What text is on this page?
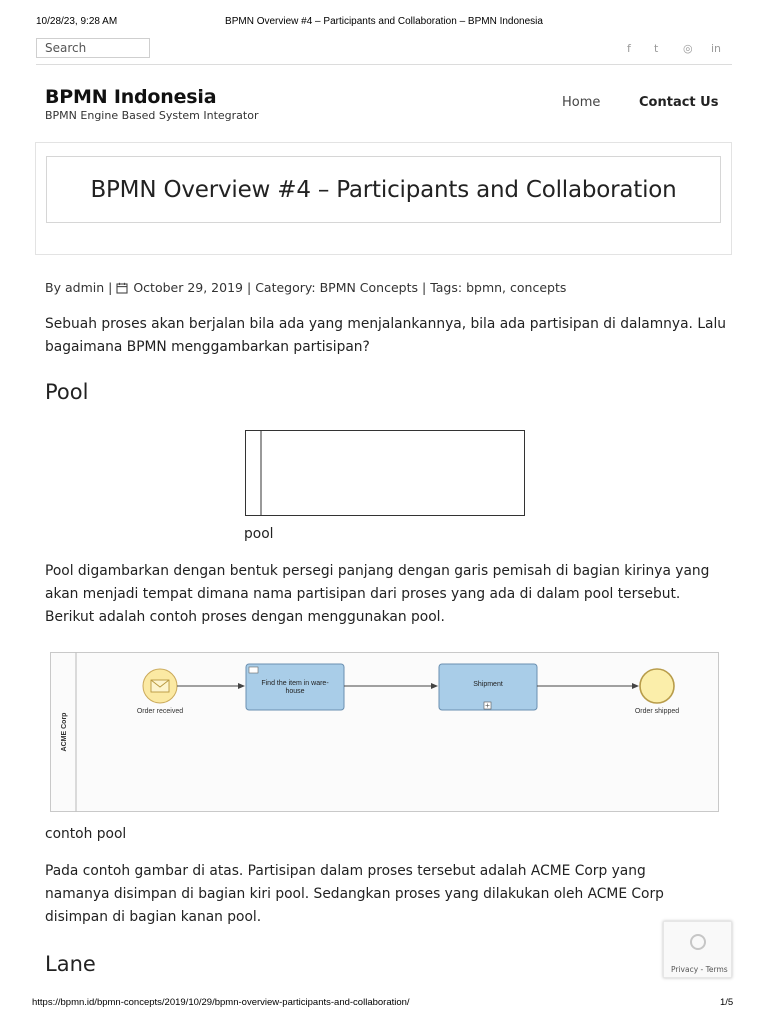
10/28/23, 9:28 AM	BPMN Overview #4 – Participants and Collaboration – BPMN Indonesia
Search	f t ◎ in
BPMN Indonesia
BPMN Engine Based System Integrator
Home	Contact Us
BPMN Overview #4 – Participants and Collaboration
By
admin
|
October 29, 2019
|
Category:
BPMN Concepts
|
Tags:
bpmn ,
concepts
Sebuah proses akan berjalan bila ada yang menjalankannya, bila ada partisipan di dalamnya. Lalu bagaimana BPMN menggambarkan partisipan?
Pool
pool
Pool digambarkan dengan bentuk persegi panjang dengan garis pemisah di bagian kirinya yang akan menjadi tempat dimana nama partisipan dari proses yang ada di dalam pool tersebut. Berikut adalah contoh proses dengan menggunakan pool.
ACME Corp
Order received
Find the item in ware-
house
Shipment
Order shipped
contoh pool
Pada contoh gambar di atas. Partisipan dalam proses tersebut adalah ACME Corp yang namanya disimpan di bagian kiri pool. Sedangkan proses yang dilakukan oleh ACME Corp disimpan di bagian kanan pool.
Lane	Privacy - Terms
https://bpmn.id/bpmn-concepts/2019/10/29/bpmn-overview-participants-and-collaboration/	1/5
